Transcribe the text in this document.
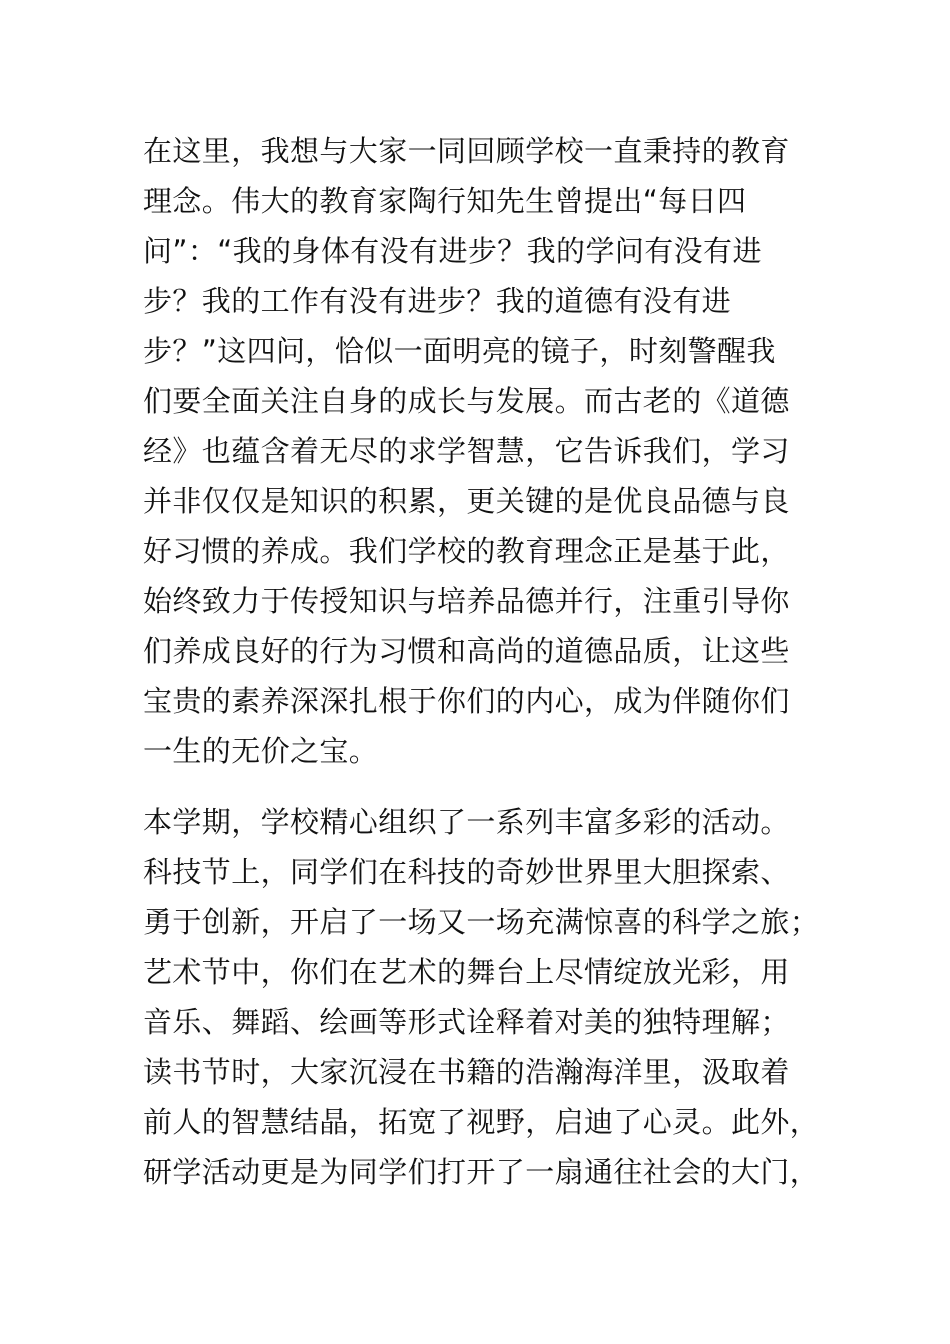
在这里，我想与大家一同回顾学校一直秉持的教育
理念。伟大的教育家陶行知先生曾提出“每日四
问”：“我的身体有没有进步？我的学问有没有进
步？我的工作有没有进步？我的道德有没有进
步？”这四问，恰似一面明亮的镜子，时刻警醒我
们要全面关注自身的成长与发展。而古老的《道德
经》也蕴含着无尽的求学智慧，它告诉我们，学习
并非仅仅是知识的积累，更关键的是优良品德与良
好习惯的养成。我们学校的教育理念正是基于此，
始终致力于传授知识与培养品德并行，注重引导你
们养成良好的行为习惯和高尚的道德品质，让这些
宝贵的素养深深扎根于你们的内心，成为伴随你们
一生的无价之宝。
本学期，学校精心组织了一系列丰富多彩的活动。
科技节上，同学们在科技的奇妙世界里大胆探索、
勇于创新，开启了一场又一场充满惊喜的科学之旅；
艺术节中，你们在艺术的舞台上尽情绽放光彩，用
音乐、舞蹈、绘画等形式诠释着对美的独特理解；
读书节时，大家沉浸在书籍的浩瀚海洋里，汲取着
前人的智慧结晶，拓宽了视野，启迪了心灵。此外，
研学活动更是为同学们打开了一扇通往社会的大门，
